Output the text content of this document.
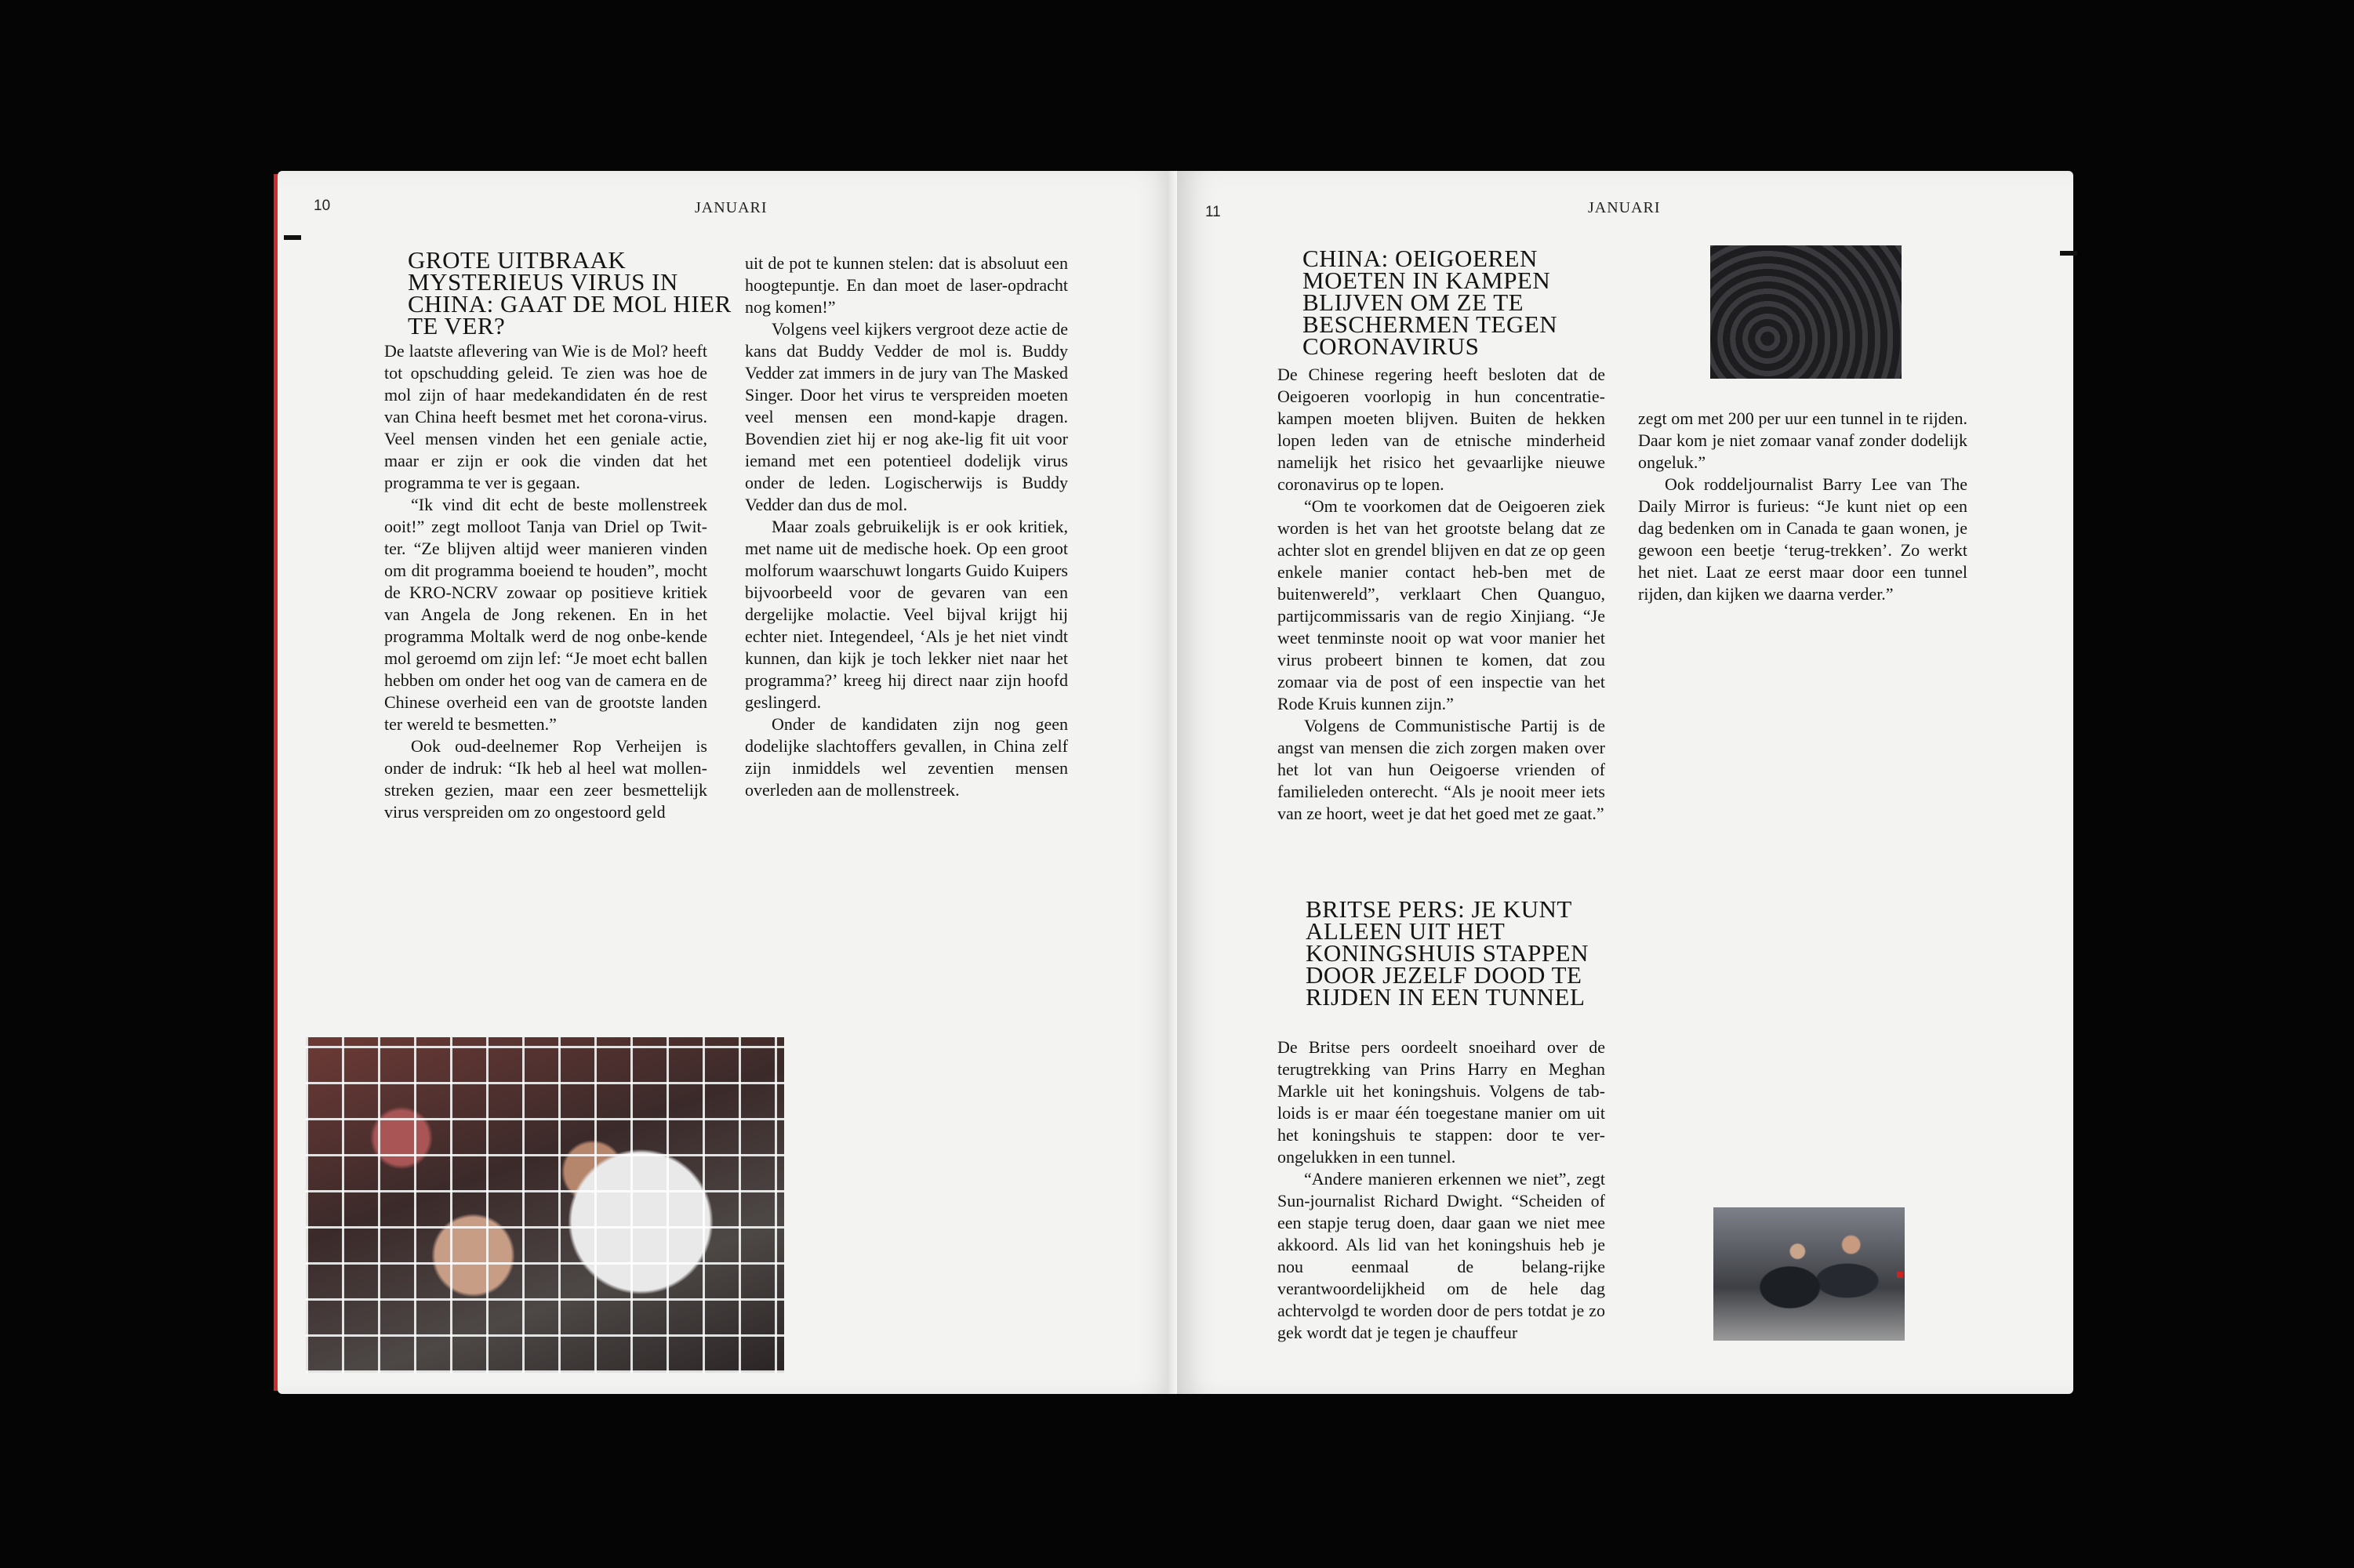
10	JANUARI
GROTE UITBRAAK MYSTERIEUS VIRUS IN CHINA: GAAT DE MOL HIER TE VER?

De laatste aflevering van Wie is de Mol? heeft tot opschudding geleid. Te zien was hoe de mol zijn of haar medekandidaten én de rest van China heeft besmet met het corona-virus. Veel mensen vinden het een geniale actie, maar er zijn er ook die vinden dat het programma te ver is gegaan.

“Ik vind dit echt de beste mollenstreek ooit!” zegt molloot Tanja van Driel op Twit-ter. “Ze blijven altijd weer manieren vinden om dit programma boeiend te houden”, mocht de KRO-NCRV zowaar op positieve kritiek van Angela de Jong rekenen. En in het programma Moltalk werd de nog onbe-kende mol geroemd om zijn lef: “Je moet echt ballen hebben om onder het oog van de camera en de Chinese overheid een van de grootste landen ter wereld te besmetten.”

Ook oud-deelnemer Rop Verheijen is onder de indruk: “Ik heb al heel wat mollen-streken gezien, maar een zeer besmettelijk virus verspreiden om zo ongestoord geld

uit de pot te kunnen stelen: dat is absoluut een hoogtepuntje. En dan moet de laser-opdracht nog komen!”

Volgens veel kijkers vergroot deze actie de kans dat Buddy Vedder de mol is. Buddy Vedder zat immers in de jury van The Masked Singer. Door het virus te verspreiden moeten veel mensen een mond-kapje dragen. Bovendien ziet hij er nog ake-lig fit uit voor iemand met een potentieel dodelijk virus onder de leden. Logischerwijs is Buddy Vedder dan dus de mol.

Maar zoals gebruikelijk is er ook kritiek, met name uit de medische hoek. Op een groot molforum waarschuwt longarts Guido Kuipers bijvoorbeeld voor de gevaren van een dergelijke molactie. Veel bijval krijgt hij echter niet. Integendeel, ‘Als je het niet vindt kunnen, dan kijk je toch lekker niet naar het programma?’ kreeg hij direct naar zijn hoofd geslingerd.

Onder de kandidaten zijn nog geen dodelijke slachtoffers gevallen, in China zelf zijn inmiddels wel zeventien mensen overleden aan de mollenstreek.

11	JANUARI
CHINA: OEIGOEREN MOETEN IN KAMPEN BLIJVEN OM ZE TE BESCHERMEN TEGEN CORONAVIRUS

De Chinese regering heeft besloten dat de Oeigoeren voorlopig in hun concentratie-kampen moeten blijven. Buiten de hekken lopen leden van de etnische minderheid namelijk het risico het gevaarlijke nieuwe coronavirus op te lopen.

“Om te voorkomen dat de Oeigoeren ziek worden is het van het grootste belang dat ze achter slot en grendel blijven en dat ze op geen enkele manier contact heb-ben met de buitenwereld”, verklaart Chen Quanguo, partijcommissaris van de regio Xinjiang. “Je weet tenminste nooit op wat voor manier het virus probeert binnen te komen, dat zou zomaar via de post of een inspectie van het Rode Kruis kunnen zijn.”

Volgens de Communistische Partij is de angst van mensen die zich zorgen maken over het lot van hun Oeigoerse vrienden of familieleden onterecht. “Als je nooit meer iets van ze hoort, weet je dat het goed met ze gaat.”

BRITSE PERS: JE KUNT ALLEEN UIT HET KONINGSHUIS STAPPEN DOOR JEZELF DOOD TE RIJDEN IN EEN TUNNEL

De Britse pers oordeelt snoeihard over de terugtrekking van Prins Harry en Meghan Markle uit het koningshuis. Volgens de tab-loids is er maar één toegestane manier om uit het koningshuis te stappen: door te ver-ongelukken in een tunnel.

“Andere manieren erkennen we niet”, zegt Sun-journalist Richard Dwight. “Scheiden of een stapje terug doen, daar gaan we niet mee akkoord. Als lid van het koningshuis heb je nou eenmaal de belang-rijke verantwoordelijkheid om de hele dag achtervolgd te worden door de pers totdat je zo gek wordt dat je tegen je chauffeur

zegt om met 200 per uur een tunnel in te rijden. Daar kom je niet zomaar vanaf zonder dodelijk ongeluk.”

Ook roddeljournalist Barry Lee van The Daily Mirror is furieus: “Je kunt niet op een dag bedenken om in Canada te gaan wonen, je gewoon een beetje ‘terug-trekken’. Zo werkt het niet. Laat ze eerst maar door een tunnel rijden, dan kijken we daarna verder.”
